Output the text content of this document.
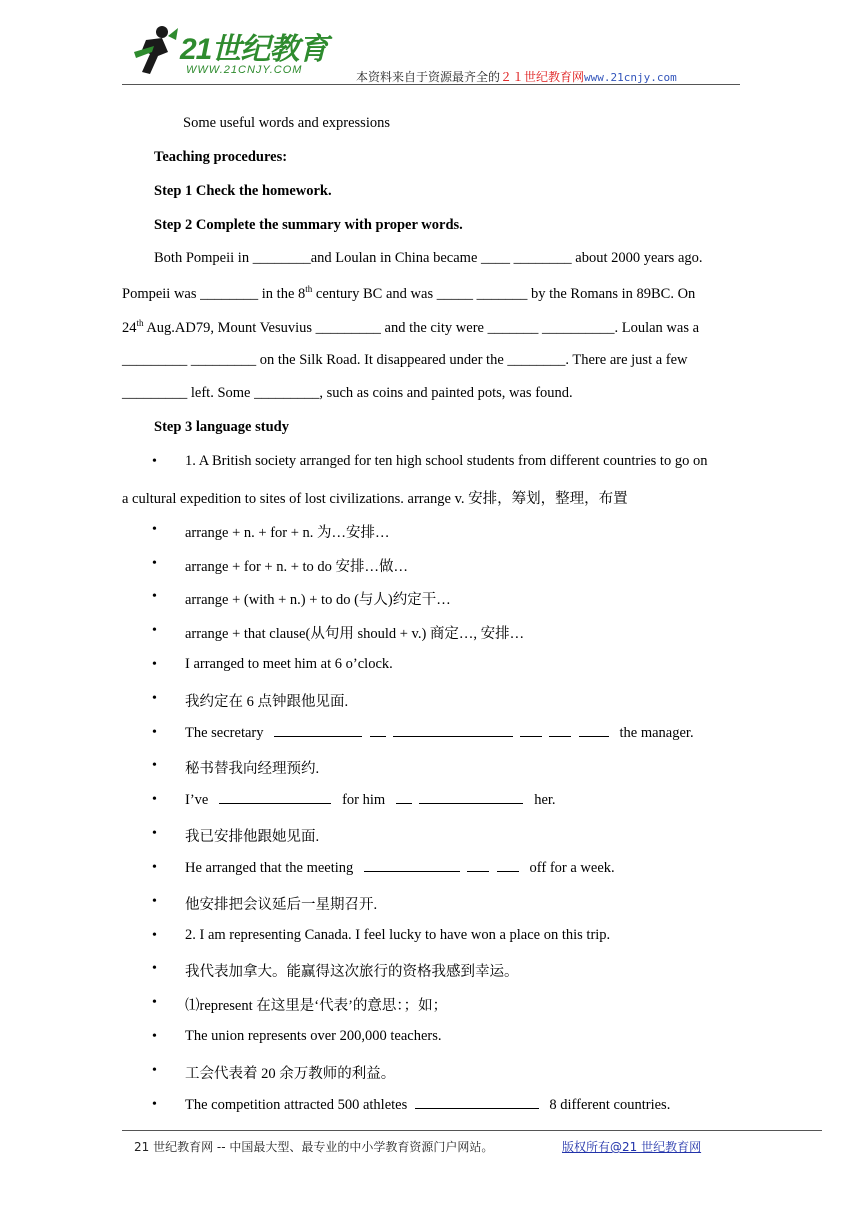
21世纪教育
WWW.21CNJY.COM	本资料来自于资源最齐全的２１世纪教育网www.21cnjy.com
Some useful words and expressions
Teaching procedures:
Step 1 Check the homework.
Step 2 Complete the summary with proper words.
Both Pompeii in ________and Loulan in China became ____ ________ about 2000 years ago.
Pompeii was ________ in the 8th century BC and was _____ _______ by the Romans in 89BC. On
24th Aug.AD79, Mount Vesuvius _________ and the city were _______ __________. Loulan was a
_________ _________ on the Silk Road. It disappeared under the ________. There are just a few
_________ left. Some _________, such as coins and painted pots, was found.
Step 3 language study
• 1. A British society arranged for ten high school students from different countries to go on
a cultural expedition to sites of lost civilizations. arrange v. 安排，筹划，整理，布置
• arrange + n. + for + n. 为…安排…
• arrange + for + n. + to do 安排…做…
• arrange + (with + n.) + to do (与人)约定干…
• arrange + that clause(从句用 should + v.) 商定…, 安排…
• I arranged to meet him at 6 o’clock.
• 我约定在 6 点钟跟他见面.
• The secretary	the manager.
• 秘书替我向经理预约.
• I’ve	for him	her.
• 我已安排他跟她见面.
• He arranged that the meeting	off for a week.
• 他安排把会议延后一星期召开.
• 2. I am representing Canada. I feel lucky to have won a place on this trip.
• 我代表加拿大。能赢得这次旅行的资格我感到幸运。
• ⑴represent 在这里是‘代表’的意思：；如；
• The union represents over 200,000 teachers.
• 工会代表着 20 余万教师的利益。
• The competition attracted 500 athletes	8 different countries.
21 世纪教育网 -- 中国最大型、最专业的中小学教育资源门户网站。	版权所有@21 世纪教育网
